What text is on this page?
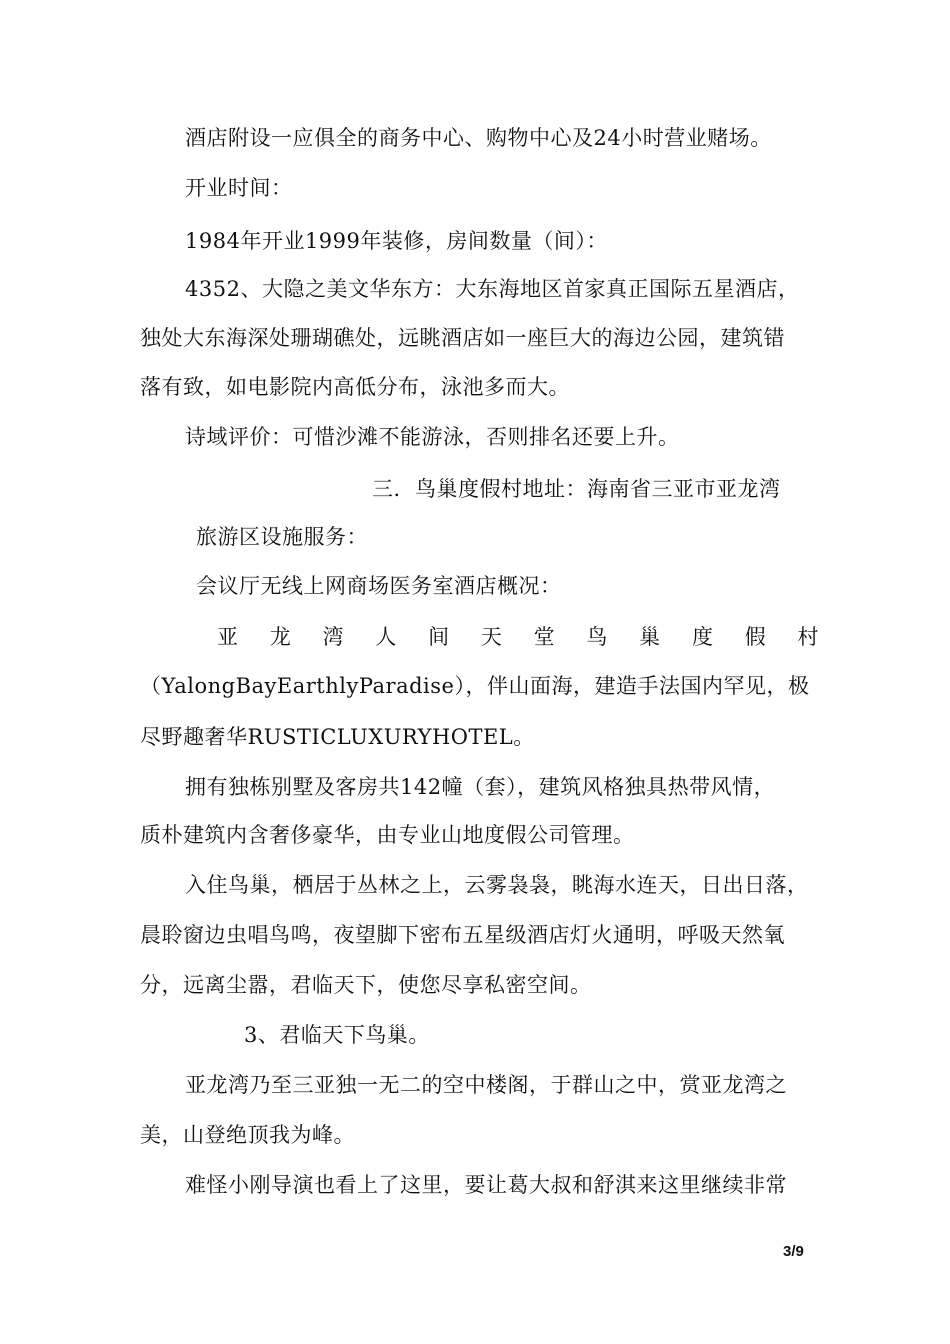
酒店附设一应俱全的商务中心、购物中心及24小时营业赌场。
开业时间：
1984年开业1999年装修，房间数量（间）：
4352、大隐之美文华东方：大东海地区首家真正国际五星酒店，
独处大东海深处珊瑚礁处，远眺酒店如一座巨大的海边公园，建筑错
落有致，如电影院内高低分布，泳池多而大。
诗域评价：可惜沙滩不能游泳，否则排名还要上升。
三．鸟巢度假村地址：海南省三亚市亚龙湾
旅游区设施服务：
会议厅无线上网商场医务室酒店概况：
亚龙湾人间天堂鸟巢度假村
（YalongBayEarthlyParadise），伴山面海，建造手法国内罕见，极
尽野趣奢华RUSTICLUXURYHOTEL。
拥有独栋别墅及客房共142幢（套），建筑风格独具热带风情，
质朴建筑内含奢侈豪华，由专业山地度假公司管理。
入住鸟巢，栖居于丛林之上，云雾袅袅，眺海水连天，日出日落，
晨聆窗边虫唱鸟鸣，夜望脚下密布五星级酒店灯火通明，呼吸天然氧
分，远离尘嚣，君临天下，使您尽享私密空间。
3、君临天下鸟巢。
亚龙湾乃至三亚独一无二的空中楼阁，于群山之中，赏亚龙湾之
美，山登绝顶我为峰。
难怪小刚导演也看上了这里，要让葛大叔和舒淇来这里继续非常
3/9
